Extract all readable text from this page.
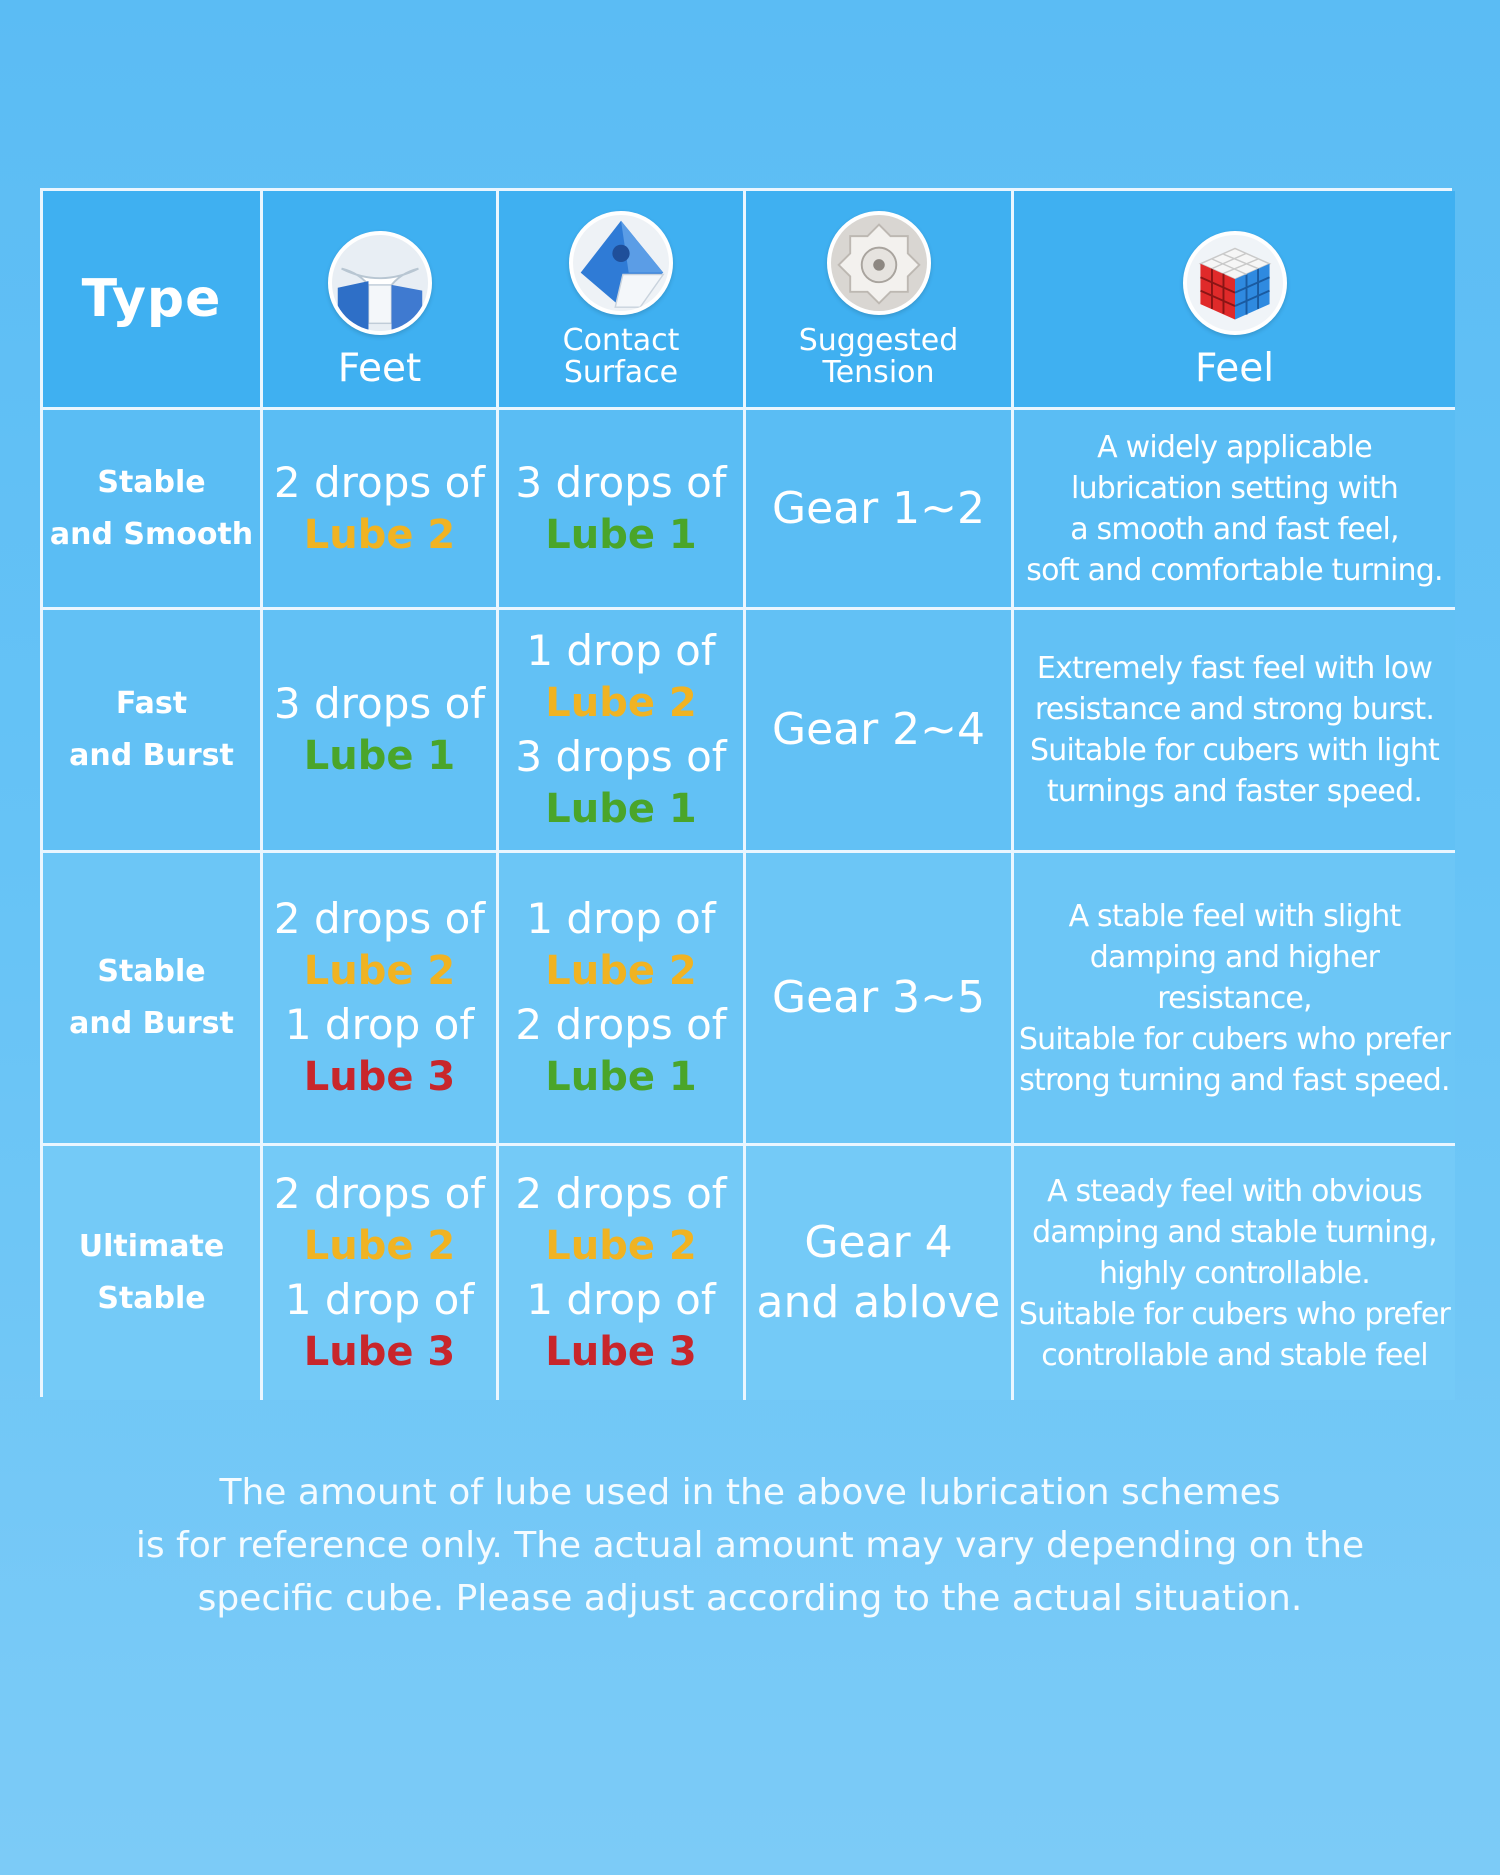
Type
Feet
Contact
Surface
Suggested
Tension	Feel
Stable
and Smooth
2 drops of
Lube 2
3 drops of
Lube 1
Gear 1~2
A widely applicable
lubrication setting with
a smooth and fast feel,
soft and comfortable turning.
Fast
and Burst
3 drops of
Lube 1
1 drop of
Lube 2
3 drops of
Lube 1
Gear 2~4
Extremely fast feel with low
resistance and strong burst.
Suitable for cubers with light
turnings and faster speed.
Stable
and Burst
2 drops of
Lube 2
1 drop of
Lube 3
1 drop of
Lube 2
2 drops of
Lube 1
Gear 3~5
A stable feel with slight
damping and higher resistance,
Suitable for cubers who prefer
strong turning and fast speed.
Ultimate
Stable
2 drops of
Lube 2
1 drop of
Lube 3
2 drops of
Lube 2
1 drop of
Lube 3
Gear 4
and ablove
A steady feel with obvious
damping and stable turning,
highly controllable.
Suitable for cubers who prefer
controllable and stable feel
The amount of lube used in the above lubrication schemes
is for reference only. The actual amount may vary depending on the
specific cube. Please adjust according to the actual situation.
